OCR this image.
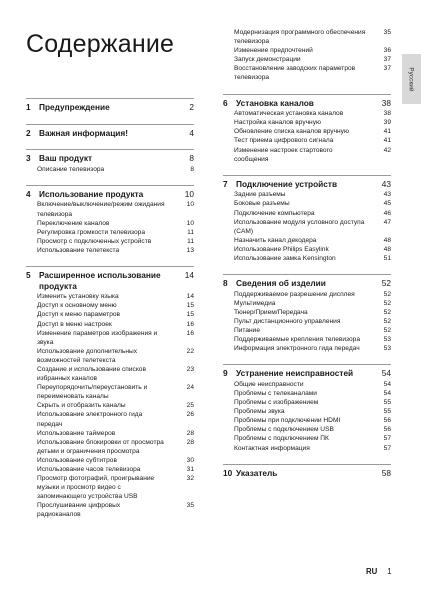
Содержание
1	Предупреждение	2
2	Важная информация!	4
3	Ваш продукт	8
Описание телевизора	8
4	Использование продукта	10
Включение/выключение/режим ожидания
телевизора
10
Переключение каналов	10
Регулировка громкости телевизора	11
Просмотр с подключенных устройств	11
Использование телетекста	13
5	Расширенное использование продукта
14
Изменить установку языка	14
Доступ к основному меню	15
Доступ к меню параметров	15
Доступ в меню настроек	16
Изменение параметров изображения и
звука
16
Использование дополнительных
возможностей телетекста
22
Создание и использование списков
избранных каналов
23
Переупорядочить/переустановить и
переименовать каналы
24
Скрыть и отобразить каналы	25
Использование электронного гида
передач
26
Использование таймеров	28
Использование блокировки от просмотра
детьми и ограничения просмотра
28
Использование субтитров	30
Использование часов телевизора	31
Просмотр фотографий, проигрывание
музыки и просмотр видео с
запоминающего устройства USB
32
Прослушивание цифровых
радиоканалов
35
Модернизация программного обеспечения
телевизора
35
Изменение предпочтений	36
Запуск демонстрации	37
Восстановление заводских параметров
телевизора
37
6	Установка каналов	38
Автоматическая установка каналов	38
Настройка каналов вручную	39
Обновление списка каналов вручную	41
Тест приема цифрового сигнала	41
Изменение настроек стартового
сообщения
42
7	Подключение устройств	43
Задние разъемы	43
Боковые разъемы	45
Подключение компьютера	46
Использование модуля условного доступа
(CAM)
47
Назначить канал декодера	48
Использование Philips Easylink	48
Использование замка Kensington	51
8	Сведения об изделии	52
Поддерживаемое разрешение дисплея	52
Мультимедиа	52
Тюнер/Прием/Передача	52
Пульт дистанционного управления	52
Питание	52
Поддерживаемые крепления телевизора	53
Информация электронного гида передач	53
9	Устранение неисправностей	54
Общие неисправности	54
Проблемы с телеканалами	54
Проблемы с изображением	55
Проблемы звука	55
Проблемы при подключении HDMI	56
Проблемы с подключением USB	56
Проблемы с подключением ПК	57
Контактная информация	57
10 Указатель	58
Русский
RU 1
